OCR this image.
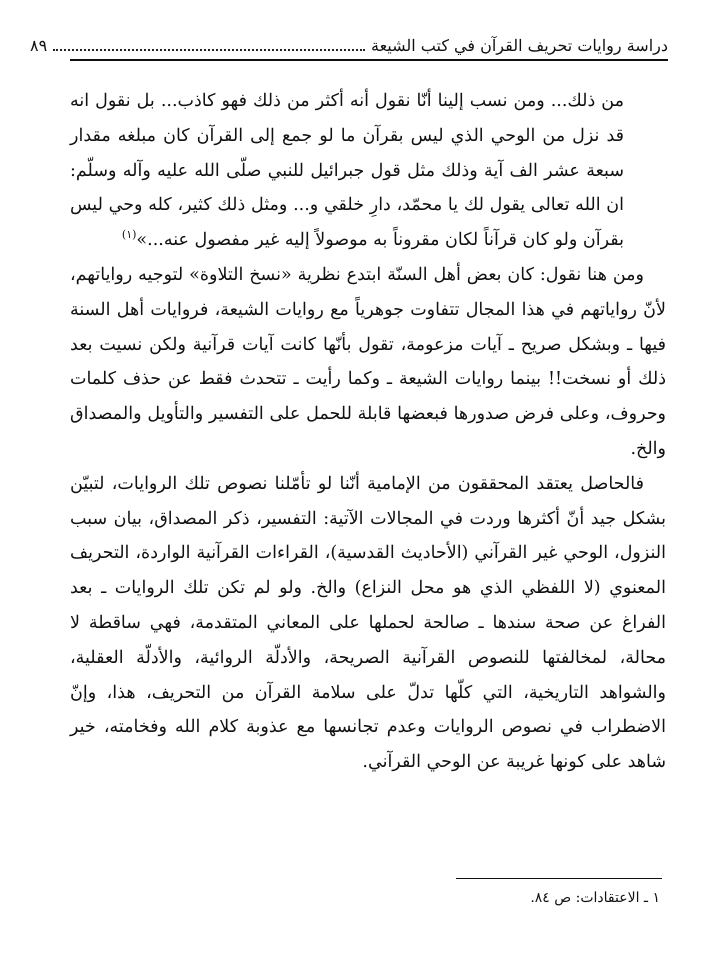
٨٩	دراسة روايات تحريف القرآن في كتب الشيعة

من ذلك... ومن نسب إلينا أنّا نقول أنه أكثر من ذلك فهو كاذب... بل نقول انه قد نزل من الوحي الذي ليس بقرآن ما لو جمع إلى القرآن كان مبلغه مقدار سبعة عشر الف آية وذلك مثل قول جبرائيل للنبي صلّى الله عليه وآله وسلّم: ان الله تعالى يقول لك يا محمّد، دارِ خلقي و... ومثل ذلك كثير، كله وحي ليس بقرآن ولو كان قرآناً لكان مقروناً به موصولاً إليه غير مفصول عنه...»$^{(١)}$

ومن هنا نقول: كان بعض أهل السنّة ابتدع نظرية «نسخ التلاوة» لتوجيه رواياتهم، لأنّ رواياتهم في هذا المجال تتفاوت جوهرياً مع روايات الشيعة، فروايات أهل السنة فيها ـ وبشكل صريح ـ آيات مزعومة، تقول بأنّها كانت آيات قرآنية ولكن نسيت بعد ذلك أو نسخت!! بينما روايات الشيعة ـ وكما رأيت ـ تتحدث فقط عن حذف كلمات وحروف، وعلى فرض صدورها فبعضها قابلة للحمل على التفسير والتأويل والمصداق والخ.

فالحاصل يعتقد المحققون من الإمامية أنّنا لو تأمّلنا نصوص تلك الروايات، لتبيّن بشكل جيد أنّ أكثرها وردت في المجالات الآتية: التفسير، ذكر المصداق، بيان سبب النزول، الوحي غير القرآني (الأحاديث القدسية)، القراءات القرآنية الواردة، التحريف المعنوي (لا اللفظي الذي هو محل النزاع) والخ. ولو لم تكن تلك الروايات ـ بعد الفراغ عن صحة سندها ـ صالحة لحملها على المعاني المتقدمة، فهي ساقطة لا محالة، لمخالفتها للنصوص القرآنية الصريحة، والأدلّة الروائية، والأدلّة العقلية، والشواهد التاريخية، التي كلّها تدلّ على سلامة القرآن من التحريف، هذا، وإنّ الاضطراب في نصوص الروايات وعدم تجانسها مع عذوبة كلام الله وفخامته، خير شاهد على كونها غريبة عن الوحي القرآني.

١ ـ الاعتقادات: ص ٨٤.
